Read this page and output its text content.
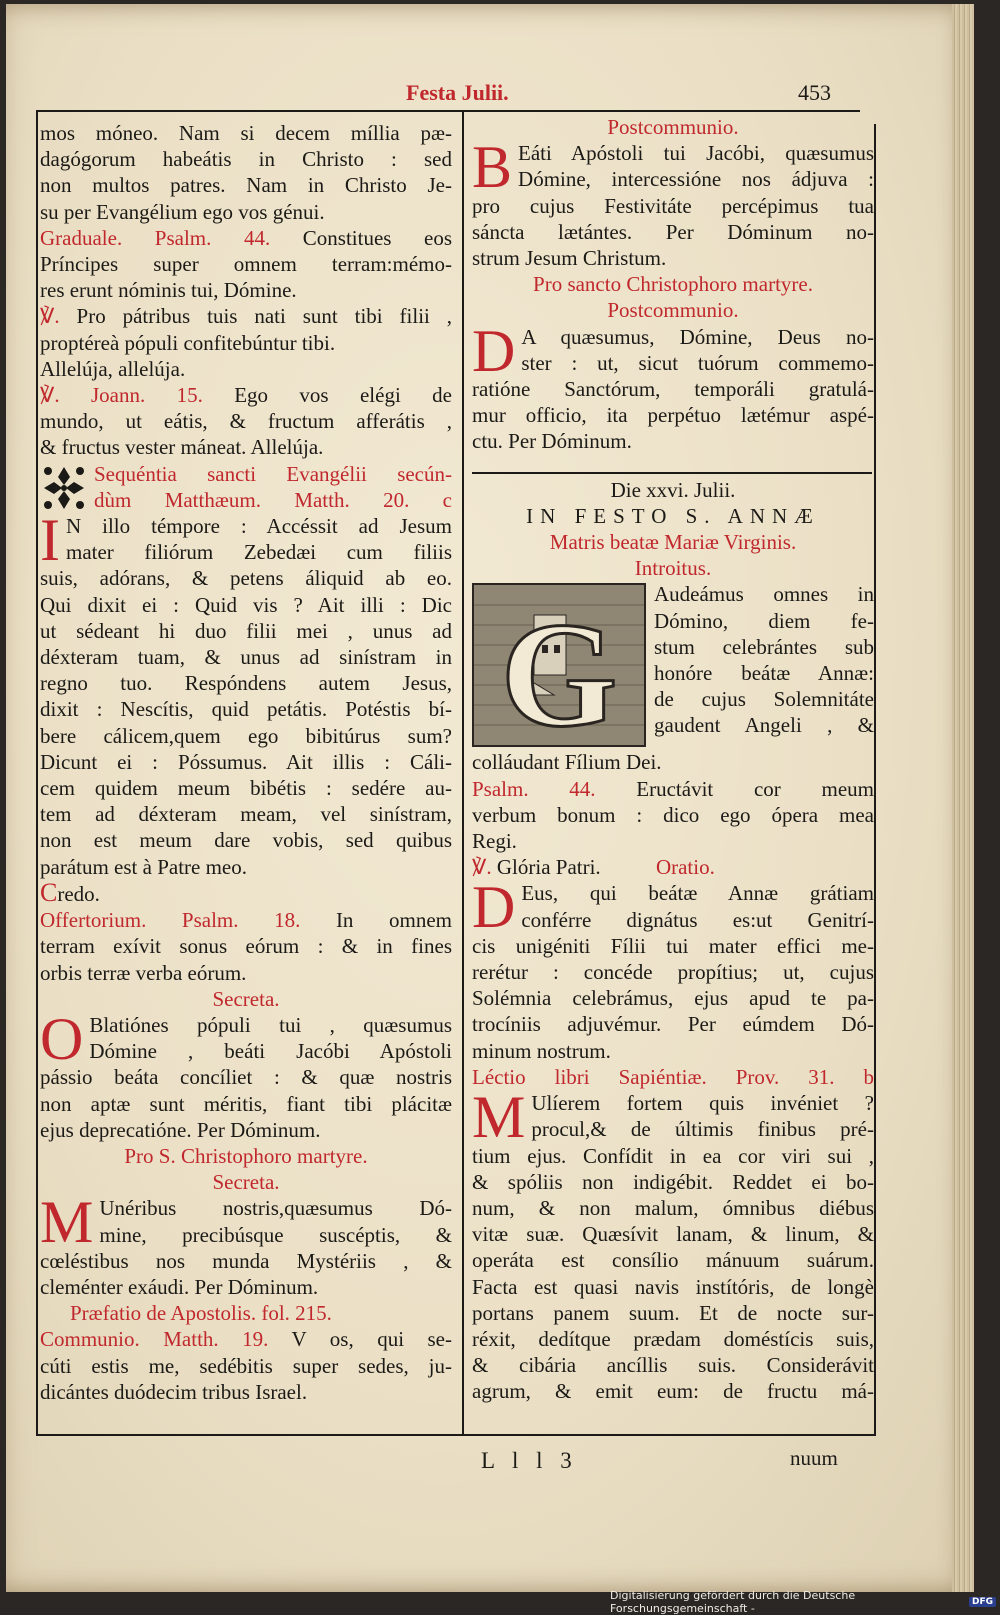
Festa Julii.	453

mos móneo. Nam si decem míllia pæ-

dagógorum habeátis in Christo : sed

non multos patres. Nam in Christo Je-

su per Evangélium ego vos génui.

Graduale. Psalm. 44. Constitues eos

Príncipes super omnem terram:mémo-

res erunt nóminis tui, Dómine.

℣. Pro pátribus tuis nati sunt tibi filii ,

proptéreà pópuli confitebúntur tibi.

Allelúja, allelúja.

℣. Joann. 15. Ego vos elégi de

mundo, ut eátis, & fructum afferátis ,

& fructus vester máneat. Allelúja.

Sequéntia sancti Evangélii secún-

dùm Matthæum. Matth. 20. c

I N illo témpore : Accéssit ad Jesum

mater filiórum Zebedæi cum filiis

suis, adórans, & petens áliquid ab eo.

Qui dixit ei : Quid vis ? Ait illi : Dic

ut sédeant hi duo filii mei , unus ad

déxteram tuam, & unus ad sinístram in

regno tuo. Respóndens autem Jesus,

dixit : Nescítis, quid petátis. Potéstis bí-

bere cálicem,quem ego bibitúrus sum?

Dicunt ei : Póssumus. Ait illis : Cáli-

cem quidem meum bibétis : sedére au-

tem ad déxteram meam, vel sinístram,

non est meum dare vobis, sed quibus

parátum est à Patre meo.

Credo.

Offertorium. Psalm. 18. In omnem

terram exívit sonus eórum : & in fines

orbis terræ verba eórum.

Secreta.

O Blatiónes pópuli tui , quæsumus

Dómine , beáti Jacóbi Apóstoli

pássio beáta concíliet : & quæ nostris

non aptæ sunt méritis, fiant tibi plácitæ

ejus deprecatióne. Per Dóminum.

Pro S. Christophoro martyre.

Secreta.

M Unéribus nostris,quæsumus Dó-

mine, precibúsque suscéptis, &

cœléstibus nos munda Mystériis , &

cleménter exáudi. Per Dóminum.

Præfatio de Apostolis. fol. 215.

Communio. Matth. 19. V os, qui se-

cúti estis me, sedébitis super sedes, ju-

dicántes duódecim tribus Israel.

Postcommunio.

B Eáti Apóstoli tui Jacóbi, quæsumus

Dómine, intercessióne nos ádjuva :

pro cujus Festivitáte percépimus tua

sáncta lætántes. Per Dóminum no-

strum Jesum Christum.

Pro sancto Christophoro martyre.

Postcommunio.

D A quæsumus, Dómine, Deus no-

ster : ut, sicut tuórum commemo-

ratióne Sanctórum, temporáli gratulá-

mur officio, ita perpétuo lætémur aspé-

ctu. Per Dóminum.

Die xxvi. Julii.

IN FESTO S. ANNÆ

Matris beatæ Mariæ Virginis.

Introitus.

G	Audeámus omnes in

Dómino, diem fe-

stum celebrántes sub

honóre beátæ Annæ:

de cujus Solemnitáte

gaudent Angeli , &

colláudant Fílium Dei.

Psalm. 44. Eructávit cor meum

verbum bonum : dico ego ópera mea

Regi.

℣. Glória Patri.	Oratio.

D Eus, qui beátæ Annæ grátiam

conférre dignátus es:ut Genitrí-

cis unigéniti Fílii tui mater effici me-

rerétur : concéde propítius; ut, cujus

Solémnia celebrámus, ejus apud te pa-

trocíniis adjuvémur. Per eúmdem Dó-

minum nostrum.

Léctio libri Sapiéntiæ. Prov. 31. b

M Ulíerem fortem quis invéniet ?

procul,& de últimis finibus pré-

tium ejus. Confídit in ea cor viri sui ,

& spóliis non indigébit. Reddet ei bo-

num, & non malum, ómnibus diébus

vitæ suæ. Quæsívit lanam, & linum, &

operáta est consílio mánuum suárum.

Facta est quasi navis instítóris, de longè

portans panem suum. Et de nocte sur-

réxit, dedítque prædam doméstícis suis,

& cibária ancíllis suis. Considerávit

agrum, & emit eum: de fructu má-

L l l 3	nuum
Digitalisierung gefördert durch die Deutsche Forschungsgemeinschaft -	DFG
